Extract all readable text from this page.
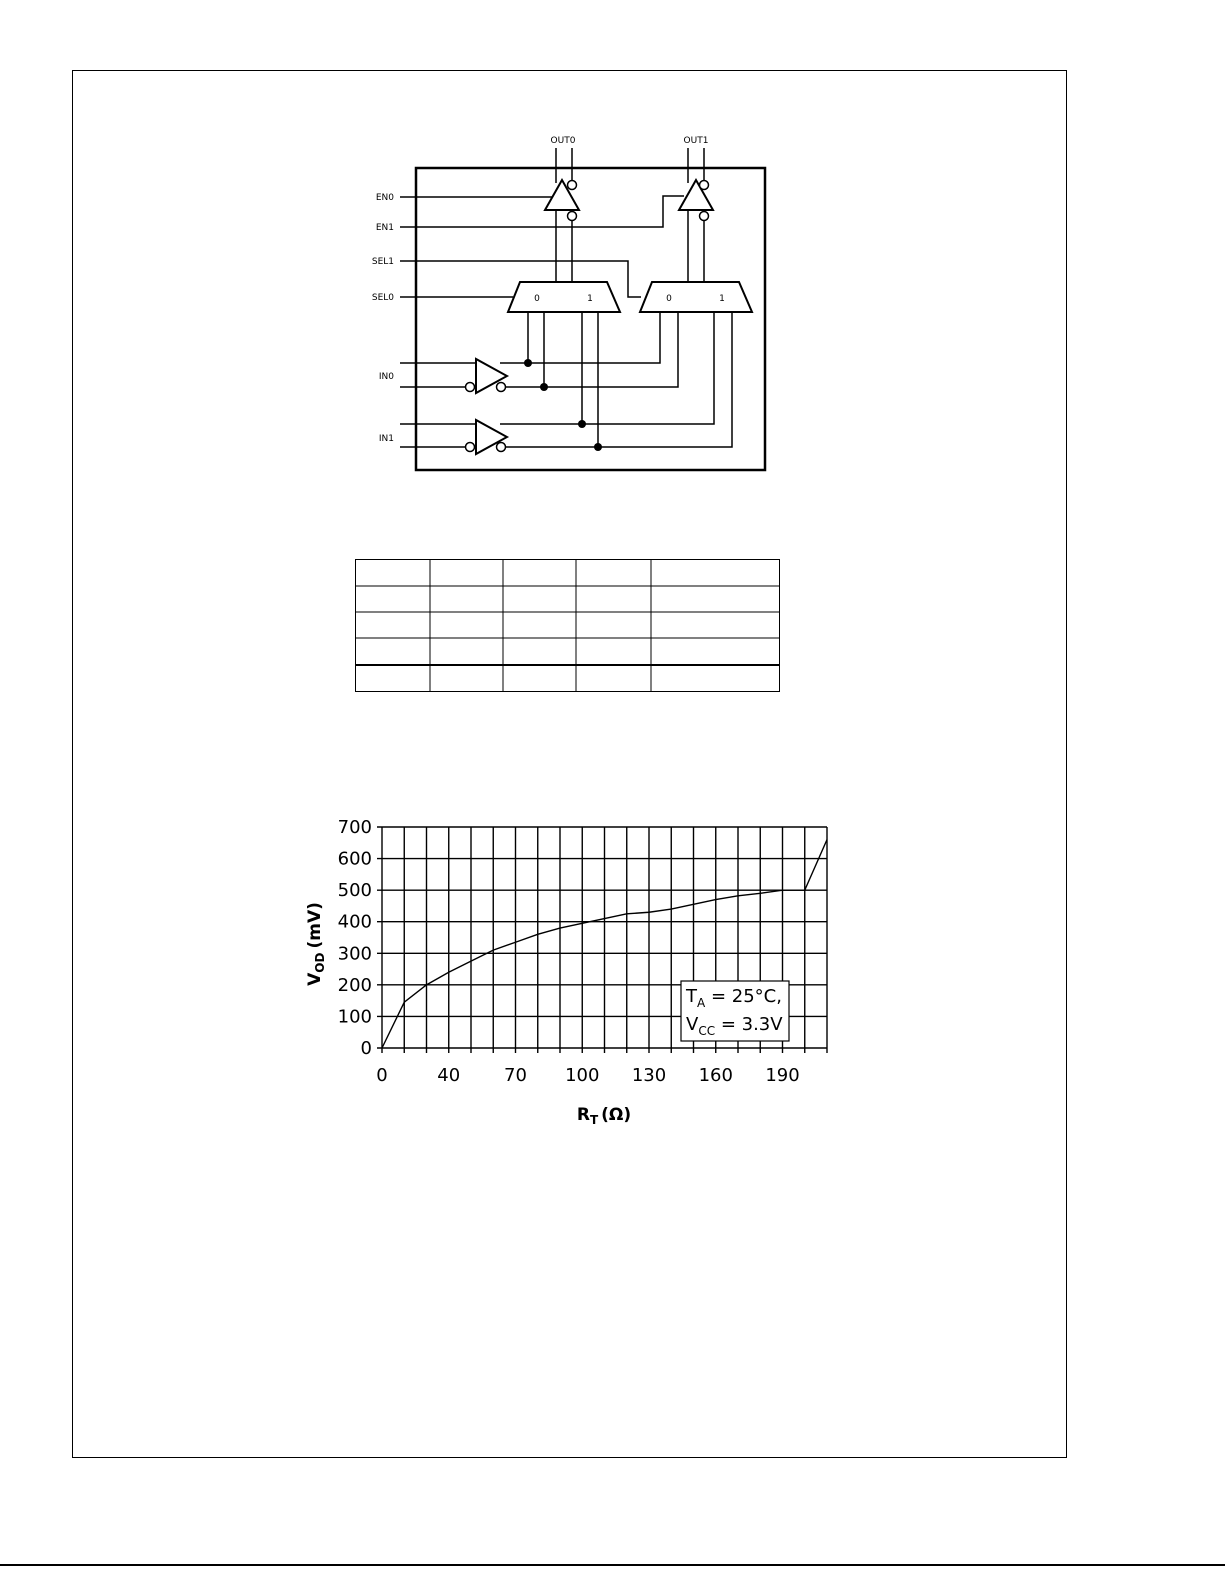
OUT0	OUT1
EN0
EN1
SEL1
SEL0
IN0
IN1
0	1	0	1
0
100
200
300
400
500
600
700
0	40 70 100 130 160 190
$V_{OD}(mV)$
$R_T$ (Ω)
$T_A = 25^\circ C$,
$V_{CC} = 3.3V$
